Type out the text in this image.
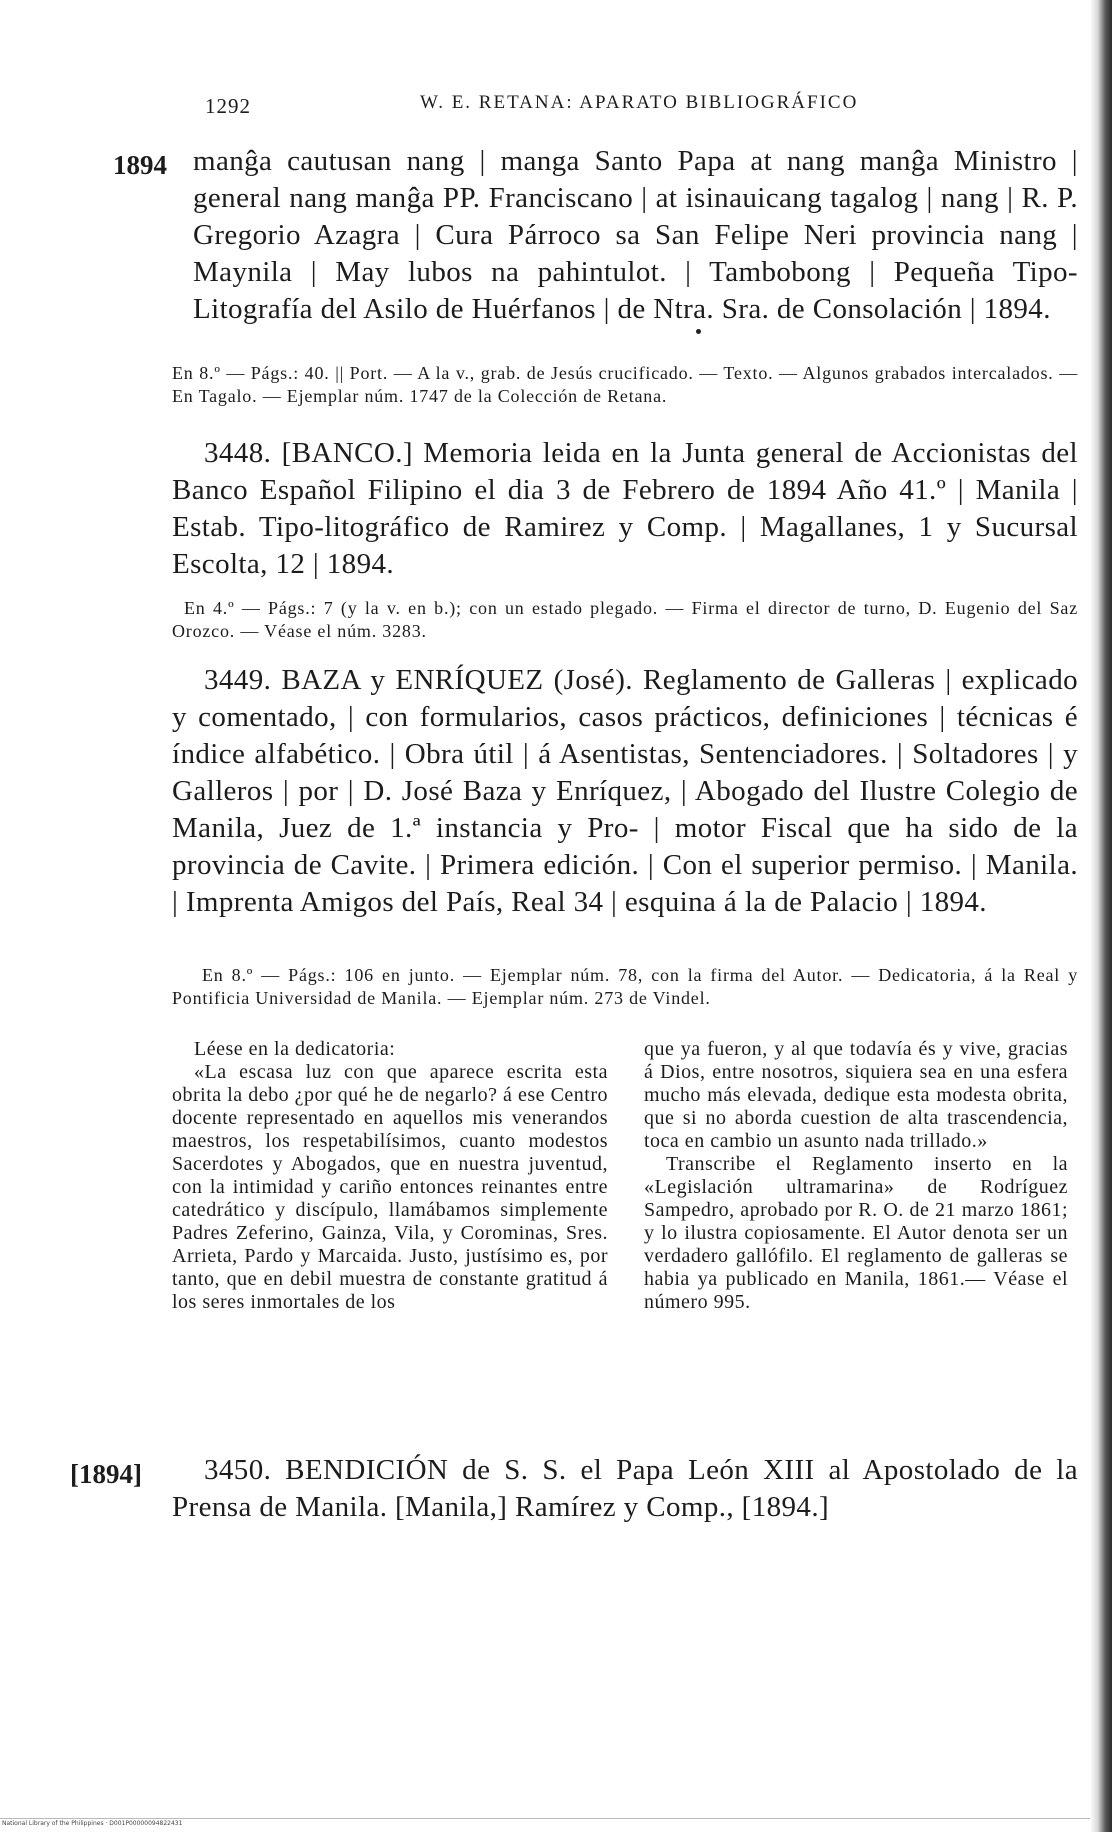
1292	W. E. RETANA: APARATO BIBLIOGRÁFICO
1894 manĝa cautusan nang | manga Santo Papa at nang manĝa Ministro | general nang manĝa PP. Franciscano | at isinauicang tagalog | nang | R. P. Gregorio Azagra | Cura Párroco sa San Felipe Neri provincia nang | Maynila | May lubos na pahintulot. | Tambobong | Pequeña Tipo-Litografía del Asilo de Huérfanos | de Ntra. Sra. de Consolación | 1894.
En 8.º — Págs.: 40. || Port. — A la v., grab. de Jesús crucificado. — Texto. — Algunos grabados intercalados. — En Tagalo. — Ejemplar núm. 1747 de la Colección de Retana.
3448. [BANCO.] Memoria leida en la Junta general de Accionistas del Banco Español Filipino el dia 3 de Febrero de 1894 Año 41.º | Manila | Estab. Tipo-litográfico de Ramirez y Comp. | Magallanes, 1 y Sucursal Escolta, 12 | 1894.
En 4.º — Págs.: 7 (y la v. en b.); con un estado plegado. — Firma el director de turno, D. Eugenio del Saz Orozco. — Véase el núm. 3283.
3449. BAZA y ENRÍQUEZ (José). Reglamento de Galleras | explicado y comentado, | con formularios, casos prácticos, definiciones | técnicas é índice alfabético. | Obra útil | á Asentistas, Sentenciadores. | Soltadores | y Galleros | por | D. José Baza y Enríquez, | Abogado del Ilustre Colegio de Manila, Juez de 1.ª instancia y Pro- | motor Fiscal que ha sido de la provincia de Cavite. | Primera edición. | Con el superior permiso. | Manila. | Imprenta Amigos del País, Real 34 | esquina á la de Palacio | 1894.
En 8.º — Págs.: 106 en junto. — Ejemplar núm. 78, con la firma del Autor. — Dedicatoria, á la Real y Pontificia Universidad de Manila. — Ejemplar núm. 273 de Vindel.

Léese en la dedicatoria:

«La escasa luz con que aparece escrita esta obrita la debo ¿por qué he de negarlo? á ese Centro docente representado en aquellos mis venerandos maestros, los respetabilísimos, cuanto modestos Sacerdotes y Abogados, que en nuestra juventud, con la intimidad y cariño entonces reinantes entre catedrático y discípulo, llamábamos simplemente Padres Zeferino, Gainza, Vila, y Corominas, Sres. Arrieta, Pardo y Marcaida. Justo, justísimo es, por tanto, que en debil muestra de constante gratitud á los seres inmortales de los

que ya fueron, y al que todavía és y vive, gracias á Dios, entre nosotros, siquiera sea en una esfera mucho más elevada, dedique esta modesta obrita, que si no aborda cuestion de alta trascendencia, toca en cambio un asunto nada trillado.»

Transcribe el Reglamento inserto en la «Legislación ultramarina» de Rodríguez Sampedro, aprobado por R. O. de 21 marzo 1861; y lo ilustra copiosamente. El Autor denota ser un verdadero gallófilo. El reglamento de galleras se habia ya publicado en Manila, 1861.— Véase el número 995.

[1894]	3450. BENDICIÓN de S. S. el Papa León XIII al Apostolado de la Prensa de Manila. [Manila,] Ramírez y Comp., [1894.]
National Library of the Philippines · D001P00000094822431
